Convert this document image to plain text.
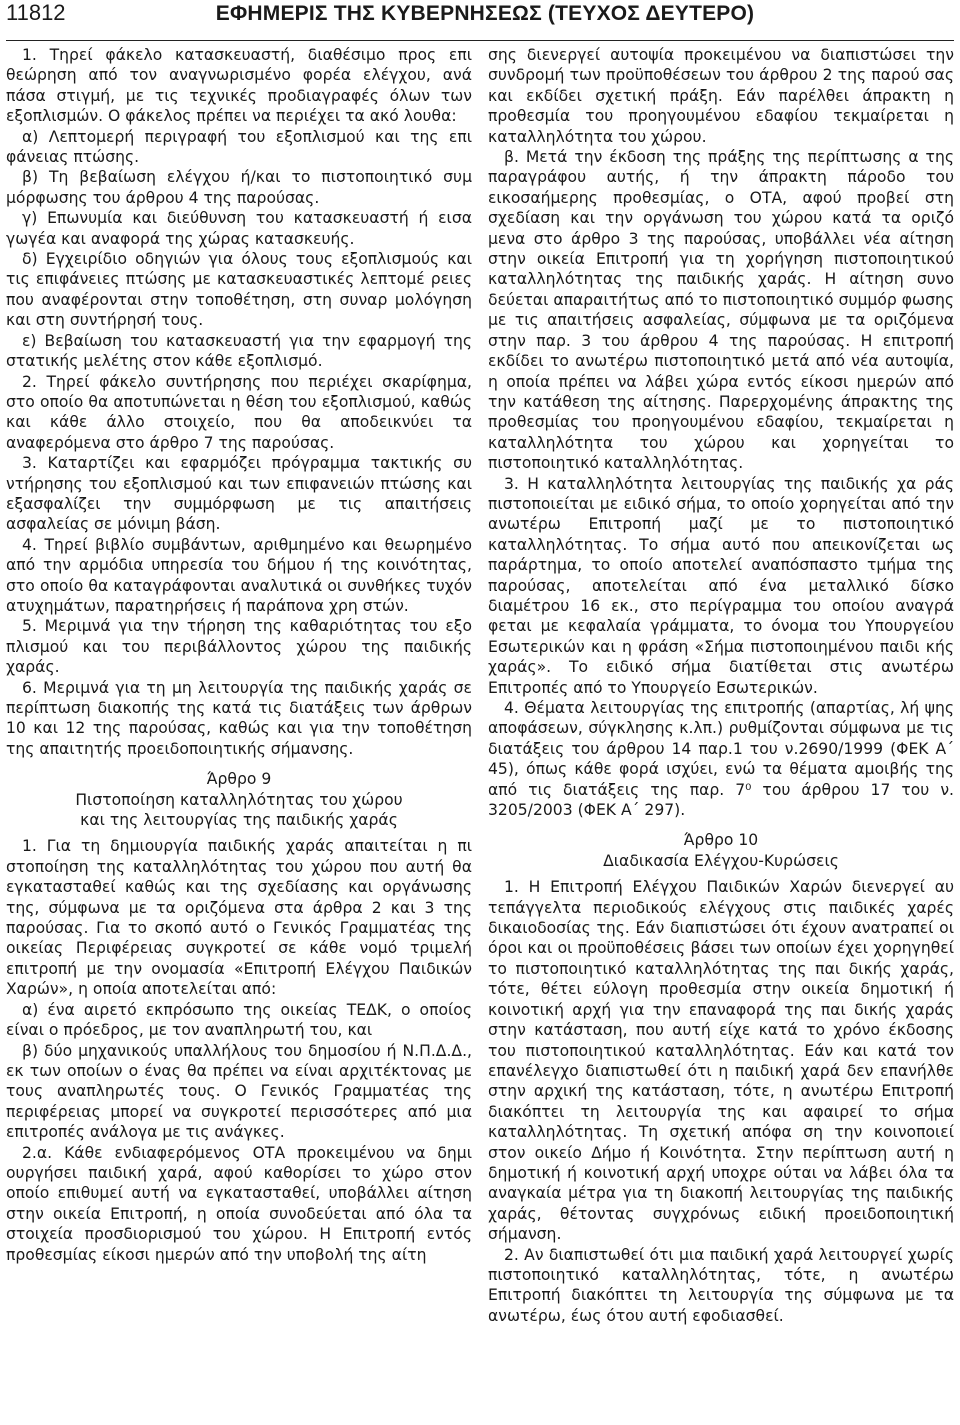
11812	ΕΦΗΜΕΡΙΣ ΤΗΣ ΚΥΒΕΡΝΗΣΕΩΣ (ΤΕΥΧΟΣ ΔΕΥΤΕΡΟ)

1. Τηρεί φάκελο κατασκευαστή, διαθέσιμο προς επι θεώρηση από τον αναγνωρισμένο φορέα ελέγχου, ανά πάσα στιγμή, με τις τεχνικές προδιαγραφές όλων των εξοπλισμών. Ο φάκελος πρέπει να περιέχει τα ακό λουθα:

α) Λεπτομερή περιγραφή του εξοπλισμού και της επι φάνειας πτώσης.

β) Τη βεβαίωση ελέγχου ή/και το πιστοποιητικό συμ μόρφωσης του άρθρου 4 της παρούσας.

γ) Επωνυμία και διεύθυνση του κατασκευαστή ή εισα γωγέα και αναφορά της χώρας κατασκευής.

δ) Εγχειρίδιο οδηγιών για όλους τους εξοπλισμούς και τις επιφάνειες πτώσης με κατασκευαστικές λεπτομέ ρειες που αναφέρονται στην τοποθέτηση, στη συναρ μολόγηση και στη συντήρησή τους.

ε) Βεβαίωση του κατασκευαστή για την εφαρμογή της στατικής μελέτης στον κάθε εξοπλισμό.

2. Τηρεί φάκελο συντήρησης που περιέχει σκαρίφημα, στο οποίο θα αποτυπώνεται η θέση του εξοπλισμού, καθώς και κάθε άλλο στοιχείο, που θα αποδεικνύει τα αναφερόμενα στο άρθρο 7 της παρούσας.

3. Καταρτίζει και εφαρμόζει πρόγραμμα τακτικής συ ντήρησης του εξοπλισμού και των επιφανειών πτώσης και εξασφαλίζει την συμμόρφωση με τις απαιτήσεις ασφαλείας σε μόνιμη βάση.

4. Τηρεί βιβλίο συμβάντων, αριθμημένο και θεωρημένο από την αρμόδια υπηρεσία του δήμου ή της κοινότητας, στο οποίο θα καταγράφονται αναλυτικά οι συνθήκες τυχόν ατυχημάτων, παρατηρήσεις ή παράπονα χρη στών.

5. Μεριμνά για την τήρηση της καθαριότητας του εξο πλισμού και του περιβάλλοντος χώρου της παιδικής χαράς.

6. Μεριμνά για τη μη λειτουργία της παιδικής χαράς σε περίπτωση διακοπής της κατά τις διατάξεις των άρθρων 10 και 12 της παρούσας, καθώς και για την τοποθέτηση της απαιτητής προειδοποιητικής σήμανσης.

Άρθρο 9

Πιστοποίηση καταλληλότητας του χώρου

και της λειτουργίας της παιδικής χαράς

1. Για τη δημιουργία παιδικής χαράς απαιτείται η πι στοποίηση της καταλληλότητας του χώρου που αυτή θα εγκατασταθεί καθώς και της σχεδίασης και οργάνωσης της, σύμφωνα με τα οριζόμενα στα άρθρα 2 και 3 της παρούσας. Για το σκοπό αυτό ο Γενικός Γραμματέας της οικείας Περιφέρειας συγκροτεί σε κάθε νομό τριμελή επιτροπή με την ονομασία «Επιτροπή Ελέγχου Παιδικών Χαρών», η οποία αποτελείται από:

α) ένα αιρετό εκπρόσωπο της οικείας ΤΕΔΚ, ο οποίος είναι ο πρόεδρος, με τον αναπληρωτή του, και

β) δύο μηχανικούς υπαλλήλους του δημοσίου ή Ν.Π.Δ.Δ., εκ των οποίων ο ένας θα πρέπει να είναι αρχιτέκτονας με τους αναπληρωτές τους. Ο Γενικός Γραμματέας της περιφέρειας μπορεί να συγκροτεί περισσότερες από μια επιτροπές ανάλογα με τις ανάγκες.

2.α. Κάθε ενδιαφερόμενος ΟΤΑ προκειμένου να δημι ουργήσει παιδική χαρά, αφού καθορίσει το χώρο στον οποίο επιθυμεί αυτή να εγκατασταθεί, υποβάλλει αίτηση στην οικεία Επιτροπή, η οποία συνοδεύεται από όλα τα στοιχεία προσδιορισμού του χώρου. Η Επιτροπή εντός προθεσμίας είκοσι ημερών από την υποβολή της αίτη

σης διενεργεί αυτοψία προκειμένου να διαπιστώσει την συνδρομή των προϋποθέσεων του άρθρου 2 της παρού σας και εκδίδει σχετική πράξη. Εάν παρέλθει άπρακτη η προθεσμία του προηγουμένου εδαφίου τεκμαίρεται η καταλληλότητα του χώρου.

β. Μετά την έκδοση της πράξης της περίπτωσης α της παραγράφου αυτής, ή την άπρακτη πάροδο του εικοσαήμερης προθεσμίας, ο ΟΤΑ, αφού προβεί στη σχεδίαση και την οργάνωση του χώρου κατά τα οριζό μενα στο άρθρο 3 της παρούσας, υποβάλλει νέα αίτηση στην οικεία Επιτροπή για τη χορήγηση πιστοποιητικού καταλληλότητας της παιδικής χαράς. Η αίτηση συνο δεύεται απαραιτήτως από το πιστοποιητικό συμμόρ φωσης με τις απαιτήσεις ασφαλείας, σύμφωνα με τα οριζόμενα στην παρ. 3 του άρθρου 4 της παρούσας. Η επιτροπή εκδίδει το ανωτέρω πιστοποιητικό μετά από νέα αυτοψία, η οποία πρέπει να λάβει χώρα εντός είκοσι ημερών από την κατάθεση της αίτησης. Παρερχομένης άπρακτης της προθεσμίας του προηγουμένου εδαφίου, τεκμαίρεται η καταλληλότητα του χώρου και χορηγείται το πιστοποιητικό καταλληλότητας.

3. Η καταλληλότητα λειτουργίας της παιδικής χα ράς πιστοποιείται με ειδικό σήμα, το οποίο χορηγείται από την ανωτέρω Επιτροπή μαζί με το πιστοποιητικό καταλληλότητας. Το σήμα αυτό που απεικονίζεται ως παράρτημα, το οποίο αποτελεί αναπόσπαστο τμήμα της παρούσας, αποτελείται από ένα μεταλλικό δίσκο διαμέτρου 16 εκ., στο περίγραμμα του οποίου αναγρά φεται με κεφαλαία γράμματα, το όνομα του Υπουργείου Εσωτερικών και η φράση «Σήμα πιστοποιημένου παιδι κής χαράς». Το ειδικό σήμα διατίθεται στις ανωτέρω Επιτροπές από το Υπουργείο Εσωτερικών.

4. Θέματα λειτουργίας της επιτροπής (απαρτίας, λή ψης αποφάσεων, σύγκλησης κ.λπ.) ρυθμίζονται σύμφωνα με τις διατάξεις του άρθρου 14 παρ.1 του ν.2690/1999 (ΦΕΚ Α΄ 45), όπως κάθε φορά ισχύει, ενώ τα θέματα αμοιβής της από τις διατάξεις της παρ. 7⁰ του άρθρου 17 του ν. 3205/2003 (ΦΕΚ Α΄ 297).

Άρθρο 10

Διαδικασία Ελέγχου-Κυρώσεις

1. Η Επιτροπή Ελέγχου Παιδικών Χαρών διενεργεί αυ τεπάγγελτα περιοδικούς ελέγχους στις παιδικές χαρές δικαιοδοσίας της. Εάν διαπιστώσει ότι έχουν ανατραπεί οι όροι και οι προϋποθέσεις βάσει των οποίων έχει χορηγηθεί το πιστοποιητικό καταλληλότητας της παι δικής χαράς, τότε, θέτει εύλογη προθεσμία στην οικεία δημοτική ή κοινοτική αρχή για την επαναφορά της παι δικής χαράς στην κατάσταση, που αυτή είχε κατά το χρόνο έκδοσης του πιστοποιητικού καταλληλότητας. Εάν και κατά τον επανέλεγχο διαπιστωθεί ότι η παιδική χαρά δεν επανήλθε στην αρχική της κατάσταση, τότε, η ανωτέρω Επιτροπή διακόπτει τη λειτουργία της και αφαιρεί το σήμα καταλληλότητας. Τη σχετική απόφα ση την κοινοποιεί στον οικείο Δήμο ή Κοινότητα. Στην περίπτωση αυτή η δημοτική ή κοινοτική αρχή υποχρε ούται να λάβει όλα τα αναγκαία μέτρα για τη διακοπή λειτουργίας της παιδικής χαράς, θέτοντας συγχρόνως ειδική προειδοποιητική σήμανση.

2. Αν διαπιστωθεί ότι μια παιδική χαρά λειτουργεί χωρίς πιστοποιητικό καταλληλότητας, τότε, η ανωτέρω Επιτροπή διακόπτει τη λειτουργία της σύμφωνα με τα ανωτέρω, έως ότου αυτή εφοδιασθεί.
